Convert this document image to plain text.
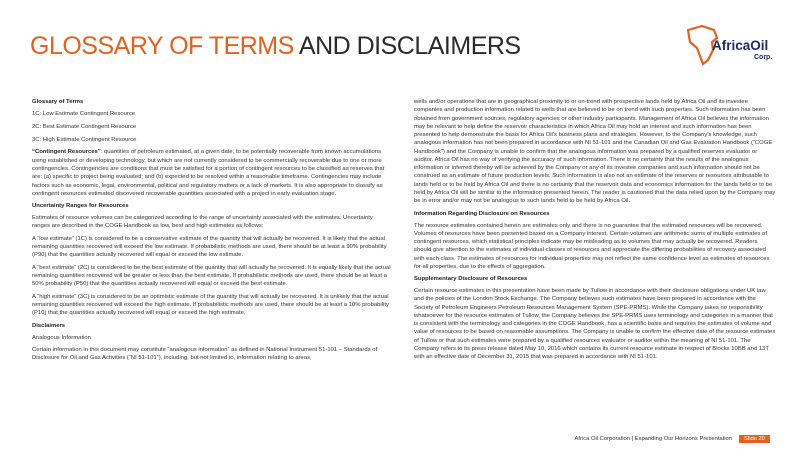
GLOSSARY OF TERMS AND DISCLAIMERS	AfricaOil
Corp.

Glossary of Terms

1C: Low Estimate Contingent Resource

2C: Best Estimate Contingent Resource

3C: High Estimate Contingent Resource

“Contingent Resources”: quantities of petroleum estimated, at a given date, to be potentially recoverable from known accumulations using established or developing technology, but which are not currently considered to be commercially recoverable due to one or more contingencies. Contingencies are conditions that must be satisfied for a portion of contingent resources to be classified as reserves that are: (a) specific to project being evaluated; and (b) expected to be resolved within a reasonable timeframe. Contingencies may include factors such as economic, legal, environmental, political and regulatory matters or a lack of markets. It is also appropriate to classify as contingent resources estimated discovered recoverable quantities associated with a project in early evaluation stage.

Uncertainty Ranges for Resources

Estimates of resource volumes can be categorized according to the range of uncertainty associated with the estimates. Uncertainty ranges are described in the COGE Handbook as low, best and high estimates as follows:

A “low estimate” (1C) is considered to be a conservative estimate of the quantity that will actually be recovered. It is likely that the actual remaining quantities recovered will exceed the low estimate. If probabilistic methods are used, there should be at least a 90% probability (P90) that the quantities actually recovered will equal or exceed the low estimate.

A “best estimate” (2C) is considered to be the best estimate of the quantity that will actually be recovered. It is equally likely that the actual remaining quantities recovered will be greater or less than the best estimate. If probabilistic methods are used, there should be at least a 50% probability (P50) that the quantities actually recovered will equal or exceed the best estimate.

A “high estimate” (3C) is considered to be an optimistic estimate of the quantity that will actually be recovered. It is unlikely that the actual remaining quantities recovered will exceed the high estimate. If probabilistic methods are used, there should be at least a 10% probability (P10) that the quantities actually recovered will equal or exceed the high estimate.

Disclaimers

Analogous Information

Certain information in this document may constitute “analogous information” as defined in National Instrument 51-101 – Standards of Disclosure for Oil and Gas Activities (“NI 51-101”), including, but not limited to, information relating to areas,

wells and/or operations that are in geographical proximity to or on-trend with prospective lands held by Africa Oil and its investee companies and production information related to wells that are believed to be on trend with such properties. Such information has been obtained from government sources, regulatory agencies or other industry participants. Management of Africa Oil believes the information may be relevant to help define the reservoir characteristics in which Africa Oil may hold an interest and such information has been presented to help demonstrate the basis for Africa Oil’s business plans and strategies. However, to the Company’s knowledge, such analogous information has not been prepared in accordance with NI 51-101 and the Canadian Oil and Gas Evaluation Handbook (“COGE Handbook”) and the Company is unable to confirm that the analogous information was prepared by a qualified reserves evaluator or auditor. Africa Oil has no way of verifying the accuracy of such information. There is no certainty that the results of the analogous information or inferred thereby will be achieved by the Company or any of its investee companies and such information should not be construed as an estimate of future production levels. Such information is also not an estimate of the reserves or resources attributable to lands held or to be held by Africa Oil and there is no certainty that the reservoir data and economics information for the lands held or to be held by Africa Oil will be similar to the information presented herein. The reader is cautioned that the data relied upon by the Company may be in error and/or may not be analogous to such lands held to be held by Africa Oil.

Information Regarding Disclosure on Resources

The resource estimates contained herein are estimates only and there is no guarantee that the estimated resources will be recovered. Volumes of resources have been presented based on a Company interest. Certain volumes are arithmetic sums of multiple estimates of contingent resources, which statistical principles indicate may be misleading as to volumes that may actually be recovered. Readers should give attention to the estimates of individual classes of resources and appreciate the differing probabilities of recovery associated with each class. The estimates of resources for individual properties may not reflect the same confidence level as estimates of resources for all properties, due to the effects of aggregation.

Supplementary Disclosure of Resources

Certain resource estimates in this presentation have been made by Tullow in accordance with their disclosure obligations under UK law and the policies of the London Stock Exchange. The Company believes such estimates have been prepared in accordance with the Society of Petroleum Engineers Petroleum Resources Management System (SPE-PRMS). While the Company takes no responsibility whatsoever for the resource estimates of Tullow, the Company believes the SPE-PRMS uses terminology and categories in a manner that is consistent with the terminology and categories in the COGE Handbook, has a scientific basis and requires the estimates of volume and value of resources to be based on reasonable assumptions. The Company is unable to confirm the effective date of the resource estimates of Tullow or that such estimates were prepared by a qualified resources evaluator or auditor within the meaning of NI 51-101. The Company refers to its press release dated May 10, 2016 which contains its current resource estimate in respect of Blocks 10BB and 13T with an effective date of December 31, 2015 that was prepared in accordance with NI 51-101.

Africa Oil Corporation | Expanding Our Horizons Presentation	Slide 20
